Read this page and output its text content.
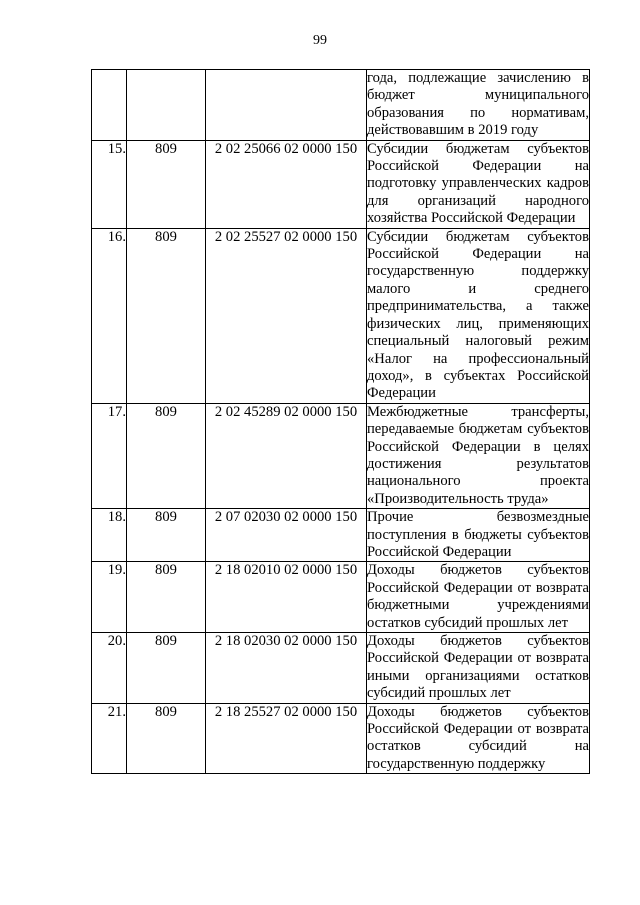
99
			года, подлежащие зачислению в бюджет муниципального образования по нормативам, действовавшим в 2019 году
15.	809	2 02 25066 02 0000 150	Субсидии бюджетам субъектов Российской Федерации на подготовку управленческих кадров для организаций народного хозяйства Российской Федерации
16.	809	2 02 25527 02 0000 150	Субсидии бюджетам субъектов Российской Федерации на государственную поддержку малого и среднего предпринимательства, а также физических лиц, применяющих специальный налоговый режим «Налог на профессиональный доход», в субъектах Российской Федерации
17.	809	2 02 45289 02 0000 150	Межбюджетные трансферты, передаваемые бюджетам субъектов Российской Федерации в целях достижения результатов национального проекта «Производительность труда»
18.	809	2 07 02030 02 0000 150	Прочие безвозмездные поступления в бюджеты субъектов Российской Федерации
19.	809	2 18 02010 02 0000 150	Доходы бюджетов субъектов Российской Федерации от возврата бюджетными учреждениями остатков субсидий прошлых лет
20.	809	2 18 02030 02 0000 150	Доходы бюджетов субъектов Российской Федерации от возврата иными организациями остатков субсидий прошлых лет
21.	809	2 18 25527 02 0000 150	Доходы бюджетов субъектов Российской Федерации от возврата остатков субсидий на государственную поддержку
